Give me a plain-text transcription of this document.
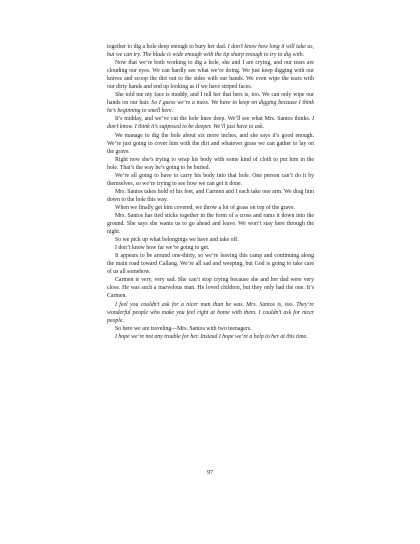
together to dig a hole deep enough to bury her dad. I don’t know how long it will take us, but we can try. The blade is wide enough with the tip sharp enough to try to dig with.

Now that we’re both working to dig a hole, she and I are crying, and our tears are clouding our eyes. We can hardly see what we’re doing. We just keep digging with our knives and scoop the dirt out to the sides with our hands. We even wipe the tears with our dirty hands and end up looking as if we have striped faces.

She told me my face is muddy, and I tell her that hers is, too. We can only wipe our hands on our hair. So I guess we’re a mess. We have to keep on digging because I think he’s beginning to smell here.

It’s midday, and we’ve cut the hole knee deep. We’ll see what Mrs. Santos thinks. I don’t know. I think it’s supposed to be deeper. We’ll just have to ask.

We manage to dig the hole about six more inches, and she says it’s good enough. We’re just going to cover him with the dirt and whatever grass we can gather to lay on the grave.

Right now she’s trying to wrap his body with some kind of cloth to put him in the hole. That’s the way he’s going to be buried.

We’re all going to have to carry his body into that hole. One person can’t do it by themselves, so we’re trying to see how we can get it done.

Mrs. Santos takes hold of his feet, and Carmen and I each take one arm. We drag him down to the hole this way.

When we finally get him covered, we throw a lot of grass on top of the grave.

Mrs. Santos has tied sticks together in the form of a cross and rams it down into the ground. She says she wants us to go ahead and leave. We won’t stay here through the night.

So we pick up what belongings we have and take off.

I don’t know how far we’re going to get.

It appears to be around one-thirty, so we’re leaving this camp and continuing along the main road toward Callang. We’re all sad and weeping, but God is going to take care of us all somehow.

Carmen is very, very sad. She can’t stop crying because she and her dad were very close. He was such a marvelous man. He loved children, but they only had the one. It’s Carmen.

I feel you couldn’t ask for a nicer man than he was. Mrs. Santos is, too. They’re wonderful people who make you feel right at home with them. I couldn’t ask for nicer people.

So here we are traveling—Mrs. Santos with two teenagers.

I hope we’re not any trouble for her. Instead I hope we’re a help to her at this time.

97
